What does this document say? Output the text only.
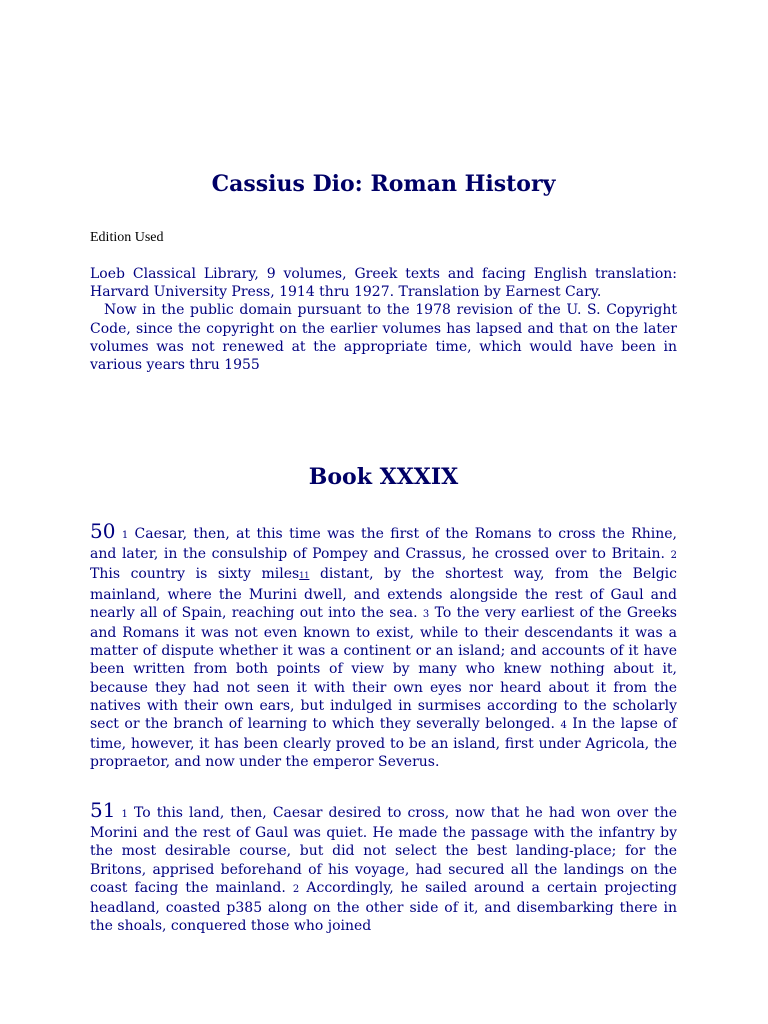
Cassius Dio: Roman History
Edition Used

Loeb Classical Library, 9 volumes, Greek texts and facing English translation: Harvard University Press, 1914 thru 1927. Translation by Earnest Cary.

Now in the public domain pursuant to the 1978 revision of the U. S. Copyright Code, since the copyright on the earlier volumes has lapsed and that on the later volumes was not renewed at the appropriate time, which would have been in various years thru 1955

Book XXXIX

50 1 Caesar, then, at this time was the first of the Romans to cross the Rhine, and later, in the consulship of Pompey and Crassus, he crossed over to Britain. 2 This country is sixty miles11 distant, by the shortest way, from the Belgic mainland, where the Murini dwell, and extends alongside the rest of Gaul and nearly all of Spain, reaching out into the sea. 3 To the very earliest of the Greeks and Romans it was not even known to exist, while to their descendants it was a matter of dispute whether it was a continent or an island; and accounts of it have been written from both points of view by many who knew nothing about it, because they had not seen it with their own eyes nor heard about it from the natives with their own ears, but indulged in surmises according to the scholarly sect or the branch of learning to which they severally belonged. 4 In the lapse of time, however, it has been clearly proved to be an island, first under Agricola, the propraetor, and now under the emperor Severus.

51 1 To this land, then, Caesar desired to cross, now that he had won over the Morini and the rest of Gaul was quiet. He made the passage with the infantry by the most desirable course, but did not select the best landing-place; for the Britons, apprised beforehand of his voyage, had secured all the landings on the coast facing the mainland. 2 Accordingly, he sailed around a certain projecting headland, coasted p385 along on the other side of it, and disembarking there in the shoals, conquered those who joined
